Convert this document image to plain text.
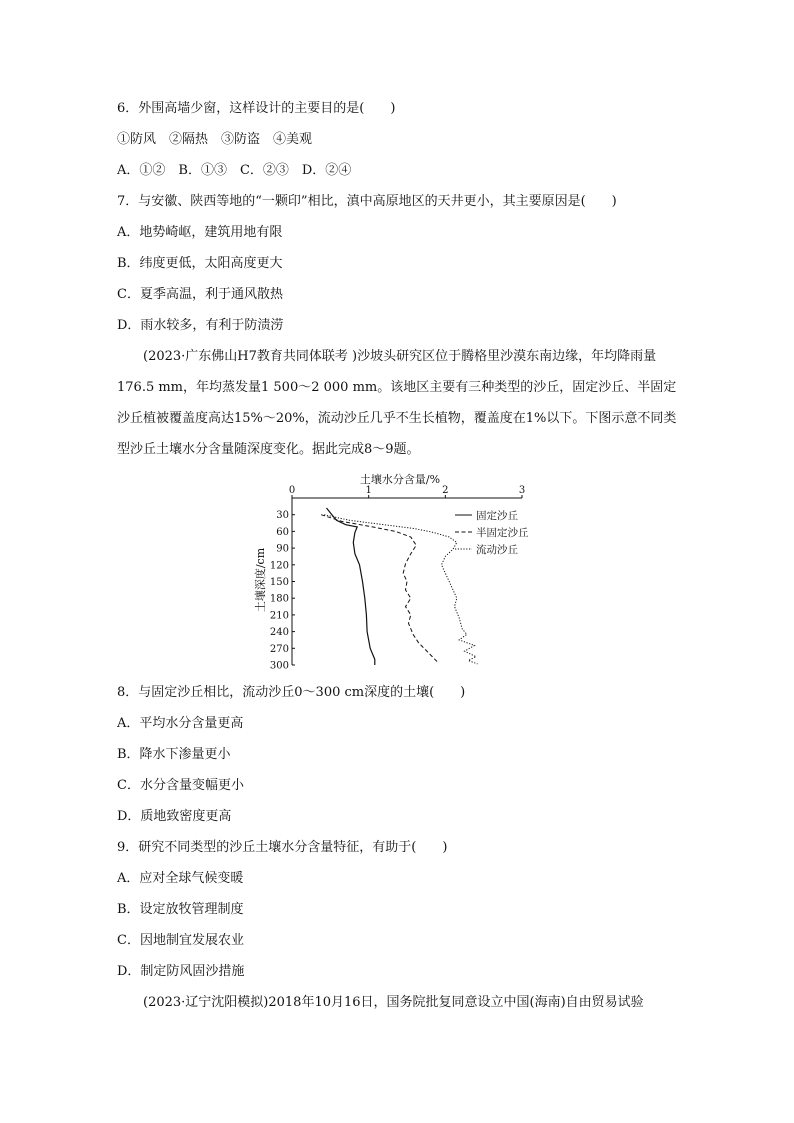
6．外围高墙少窗，这样设计的主要目的是(　　)
①防风　②隔热　③防盗　④美观
A．①②　B．①③　C．②③　D．②④
7．与安徽、陕西等地的“一颗印”相比，滇中高原地区的天井更小，其主要原因是(　　)
A．地势崎岖，建筑用地有限
B．纬度更低，太阳高度更大
C．夏季高温，利于通风散热
D．雨水较多，有利于防渍涝
(2023·广东佛山H7教育共同体联考 )沙坡头研究区位于腾格里沙漠东南边缘，年均降雨量176.5 mm，年均蒸发量1 500～2 000 mm。该地区主要有三种类型的沙丘，固定沙丘、半固定沙丘植被覆盖度高达15%～20%，流动沙丘几乎不生长植物，覆盖度在1%以下。下图示意不同类型沙丘土壤水分含量随深度变化。据此完成8～9题。
土壤水分含量/%
0	1	2	3
30
60
90
120
150
180
210
240
270
300
固定沙丘
半固定沙丘
流动沙丘
土壤深度/cm
8．与固定沙丘相比，流动沙丘0～300 cm深度的土壤(　　)
A．平均水分含量更高
B．降水下渗量更小
C．水分含量变幅更小
D．质地致密度更高
9．研究不同类型的沙丘土壤水分含量特征，有助于(　　)
A．应对全球气候变暖
B．设定放牧管理制度
C．因地制宜发展农业
D．制定防风固沙措施
(2023·辽宁沈阳模拟)2018年10月16日，国务院批复同意设立中国(海南)自由贸易试验
